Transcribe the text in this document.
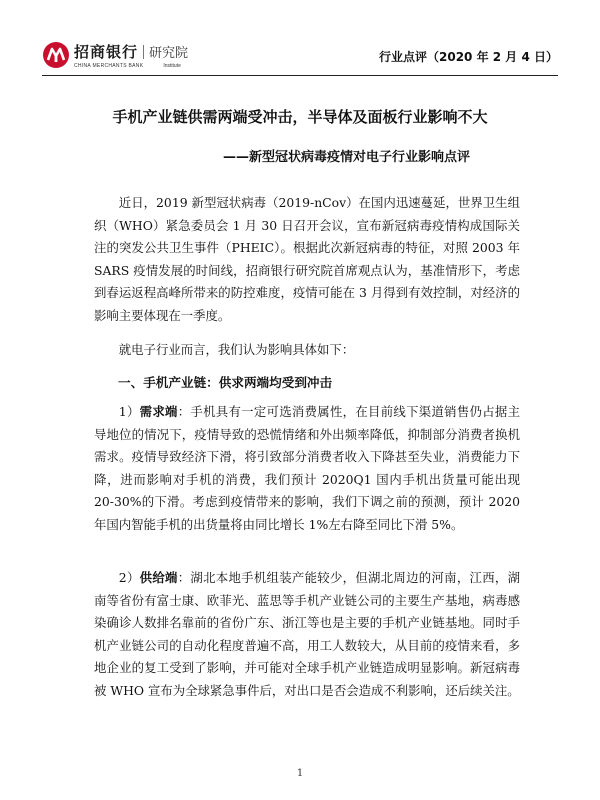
招商银行 研究院
CHINA MERCHANTS BANK	Institute
行业点评（2020 年 2 月 4 日）
手机产业链供需两端受冲击，半导体及面板行业影响不大
——新型冠状病毒疫情对电子行业影响点评

近日，2019 新型冠状病毒（2019-nCov）在国内迅速蔓延，世界卫生组织（WHO）紧急委员会 1 月 30 日召开会议，宣布新冠病毒疫情构成国际关注的突发公共卫生事件（PHEIC）。根据此次新冠病毒的特征，对照 2003 年 SARS 疫情发展的时间线，招商银行研究院首席观点认为，基准情形下，考虑到春运返程高峰所带来的防控难度，疫情可能在 3 月得到有效控制，对经济的影响主要体现在一季度。

就电子行业而言，我们认为影响具体如下：

一、手机产业链：供求两端均受到冲击

1）需求端：手机具有一定可选消费属性，在目前线下渠道销售仍占据主导地位的情况下，疫情导致的恐慌情绪和外出频率降低，抑制部分消费者换机需求。疫情导致经济下滑，将引致部分消费者收入下降甚至失业，消费能力下降，进而影响对手机的消费，我们预计 2020Q1 国内手机出货量可能出现 20-30%的下滑。考虑到疫情带来的影响，我们下调之前的预测，预计 2020 年国内智能手机的出货量将由同比增长 1%左右降至同比下滑 5%。

2）供给端：湖北本地手机组装产能较少，但湖北周边的河南，江西，湖南等省份有富士康、欧菲光、蓝思等手机产业链公司的主要生产基地，病毒感染确诊人数排名靠前的省份广东、浙江等也是主要的手机产业链基地。同时手机产业链公司的自动化程度普遍不高，用工人数较大，从目前的疫情来看，多地企业的复工受到了影响，并可能对全球手机产业链造成明显影响。新冠病毒被 WHO 宣布为全球紧急事件后，对出口是否会造成不利影响，还后续关注。

1
